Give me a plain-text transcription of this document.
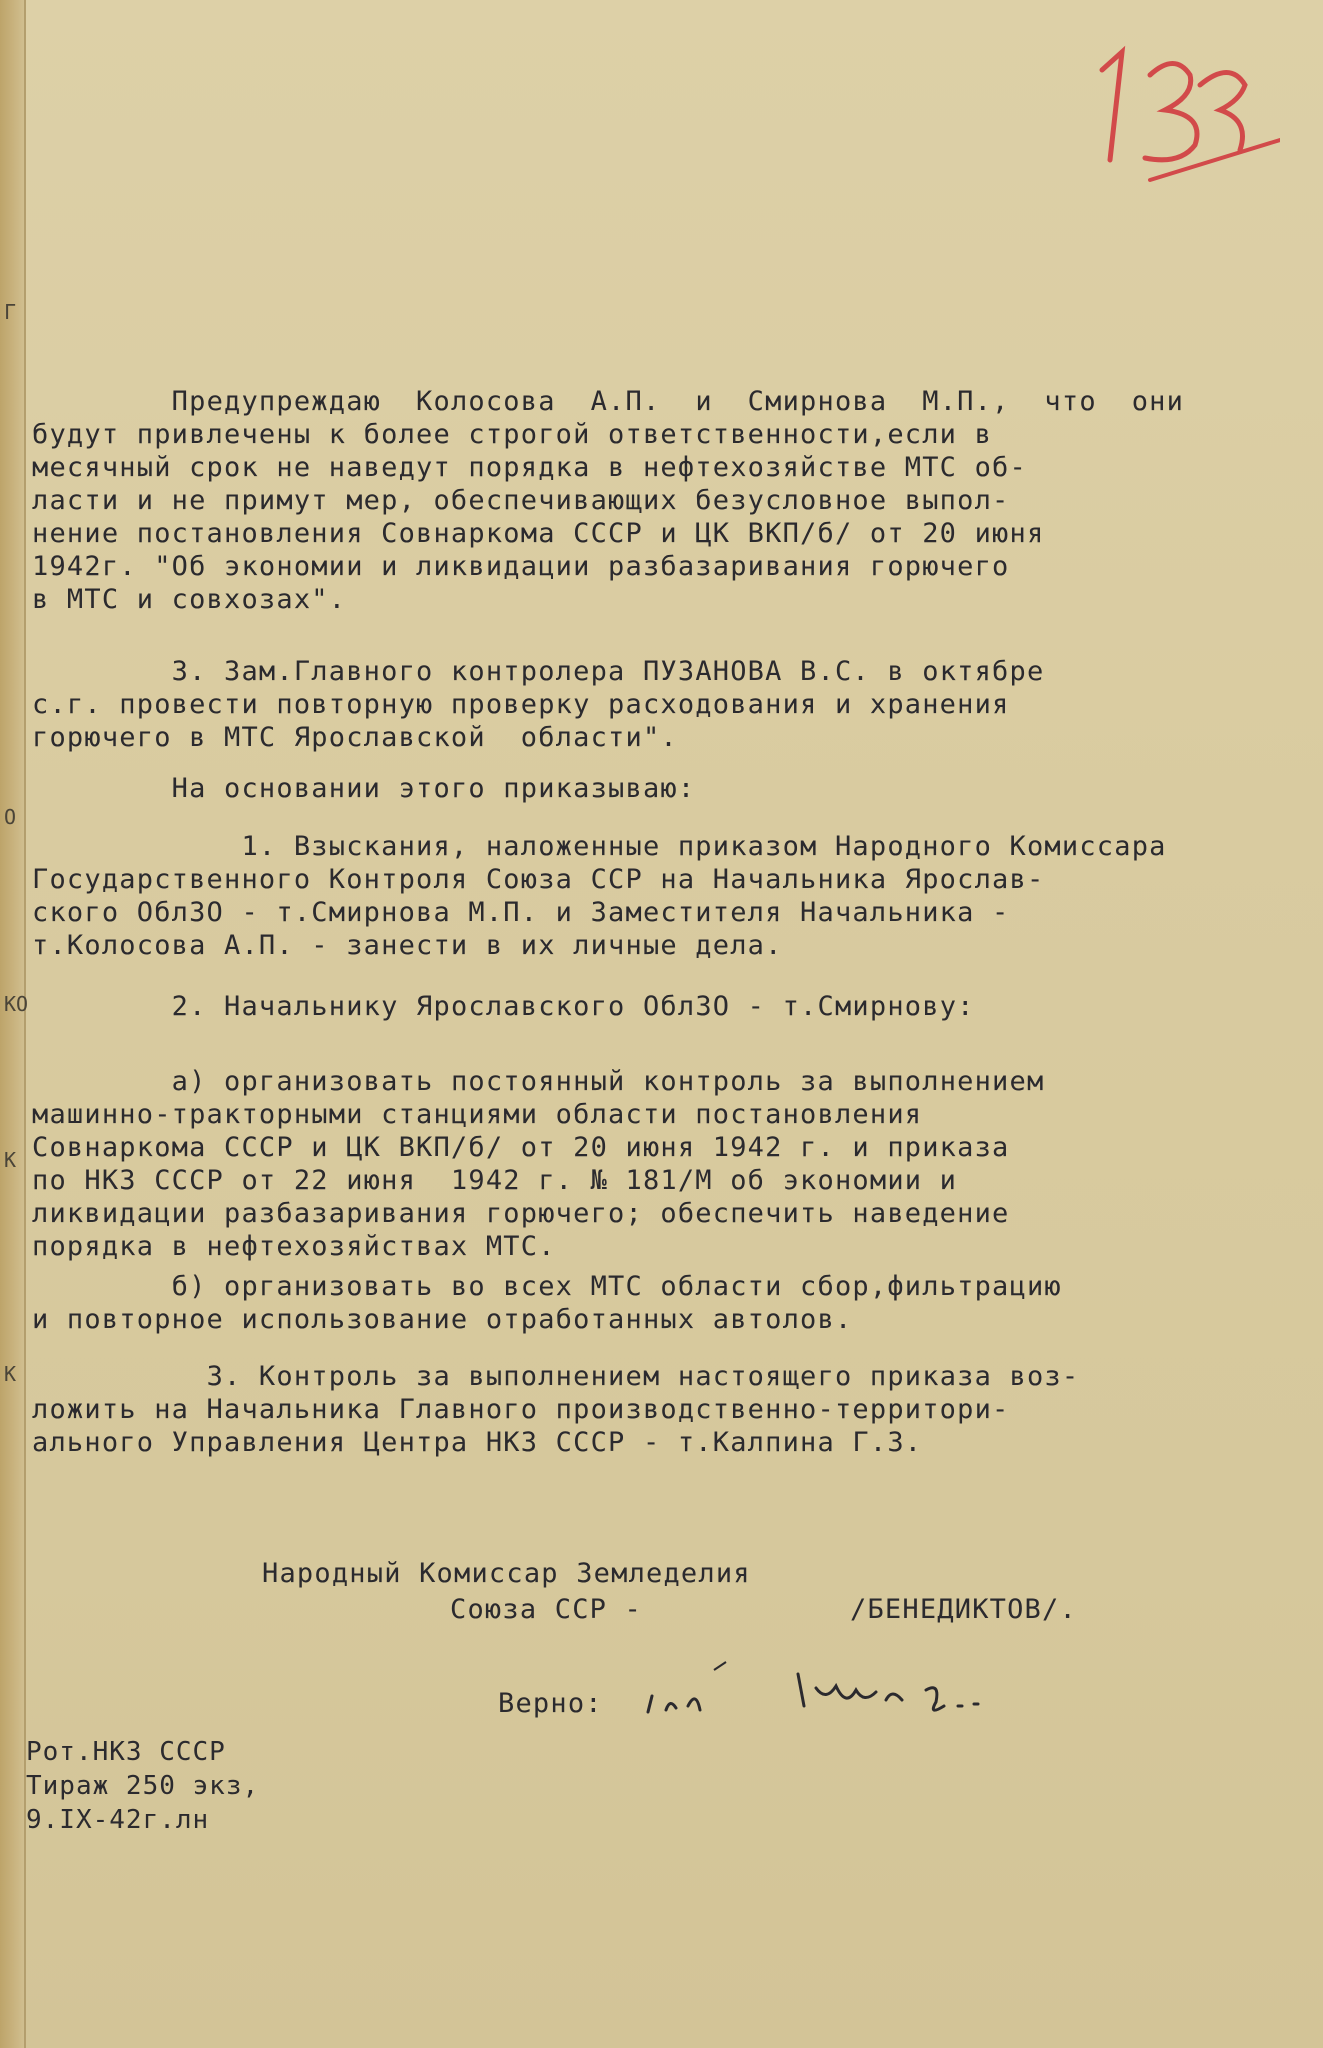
Г
О
КО
К
К
Предупреждаю  Колосова  А.П.  и  Смирнова  М.П.,  что  они
будут привлечены к более строгой ответственности,если в
месячный срок не наведут порядка в нефтехозяйстве МТС об-
ласти и не примут мер, обеспечивающих безусловное выпол-
нение постановления Совнаркома СССР и ЦК ВКП/б/ от 20 июня
1942г. "Об экономии и ликвидации разбазаривания горючего
в МТС и совхозах".
3. Зам.Главного контролера ПУЗАНОВА В.С. в октябре
с.г. провести повторную проверку расходования и хранения
горючего в МТС Ярославской  области".
На основании этого приказываю:
1. Взыскания, наложенные приказом Народного Комиссара
Государственного Контроля Союза ССР на Начальника Ярослав-
ского ОблЗО - т.Смирнова М.П. и Заместителя Начальника -
т.Колосова А.П. - занести в их личные дела.
2. Начальнику Ярославского ОблЗО - т.Смирнову:
а) организовать постоянный контроль за выполнением
машинно-тракторными станциями области постановления
Совнаркома СССР и ЦК ВКП/б/ от 20 июня 1942 г. и приказа
по НКЗ СССР от 22 июня  1942 г. № 181/М об экономии и
ликвидации разбазаривания горючего; обеспечить наведение
порядка в нефтехозяйствах МТС.
б) организовать во всех МТС области сбор,фильтрацию
и повторное использование отработанных автолов.
3. Контроль за выполнением настоящего приказа воз-
ложить на Начальника Главного производственно-территори-
ального Управления Центра НКЗ СССР - т.Калпина Г.З.
Народный Комиссар Земледелия
Союза ССР -	/БЕНЕДИКТОВ/.
Верно:
Рот.НКЗ СССР
Тираж 250 экз,
9.IX-42г.лн
